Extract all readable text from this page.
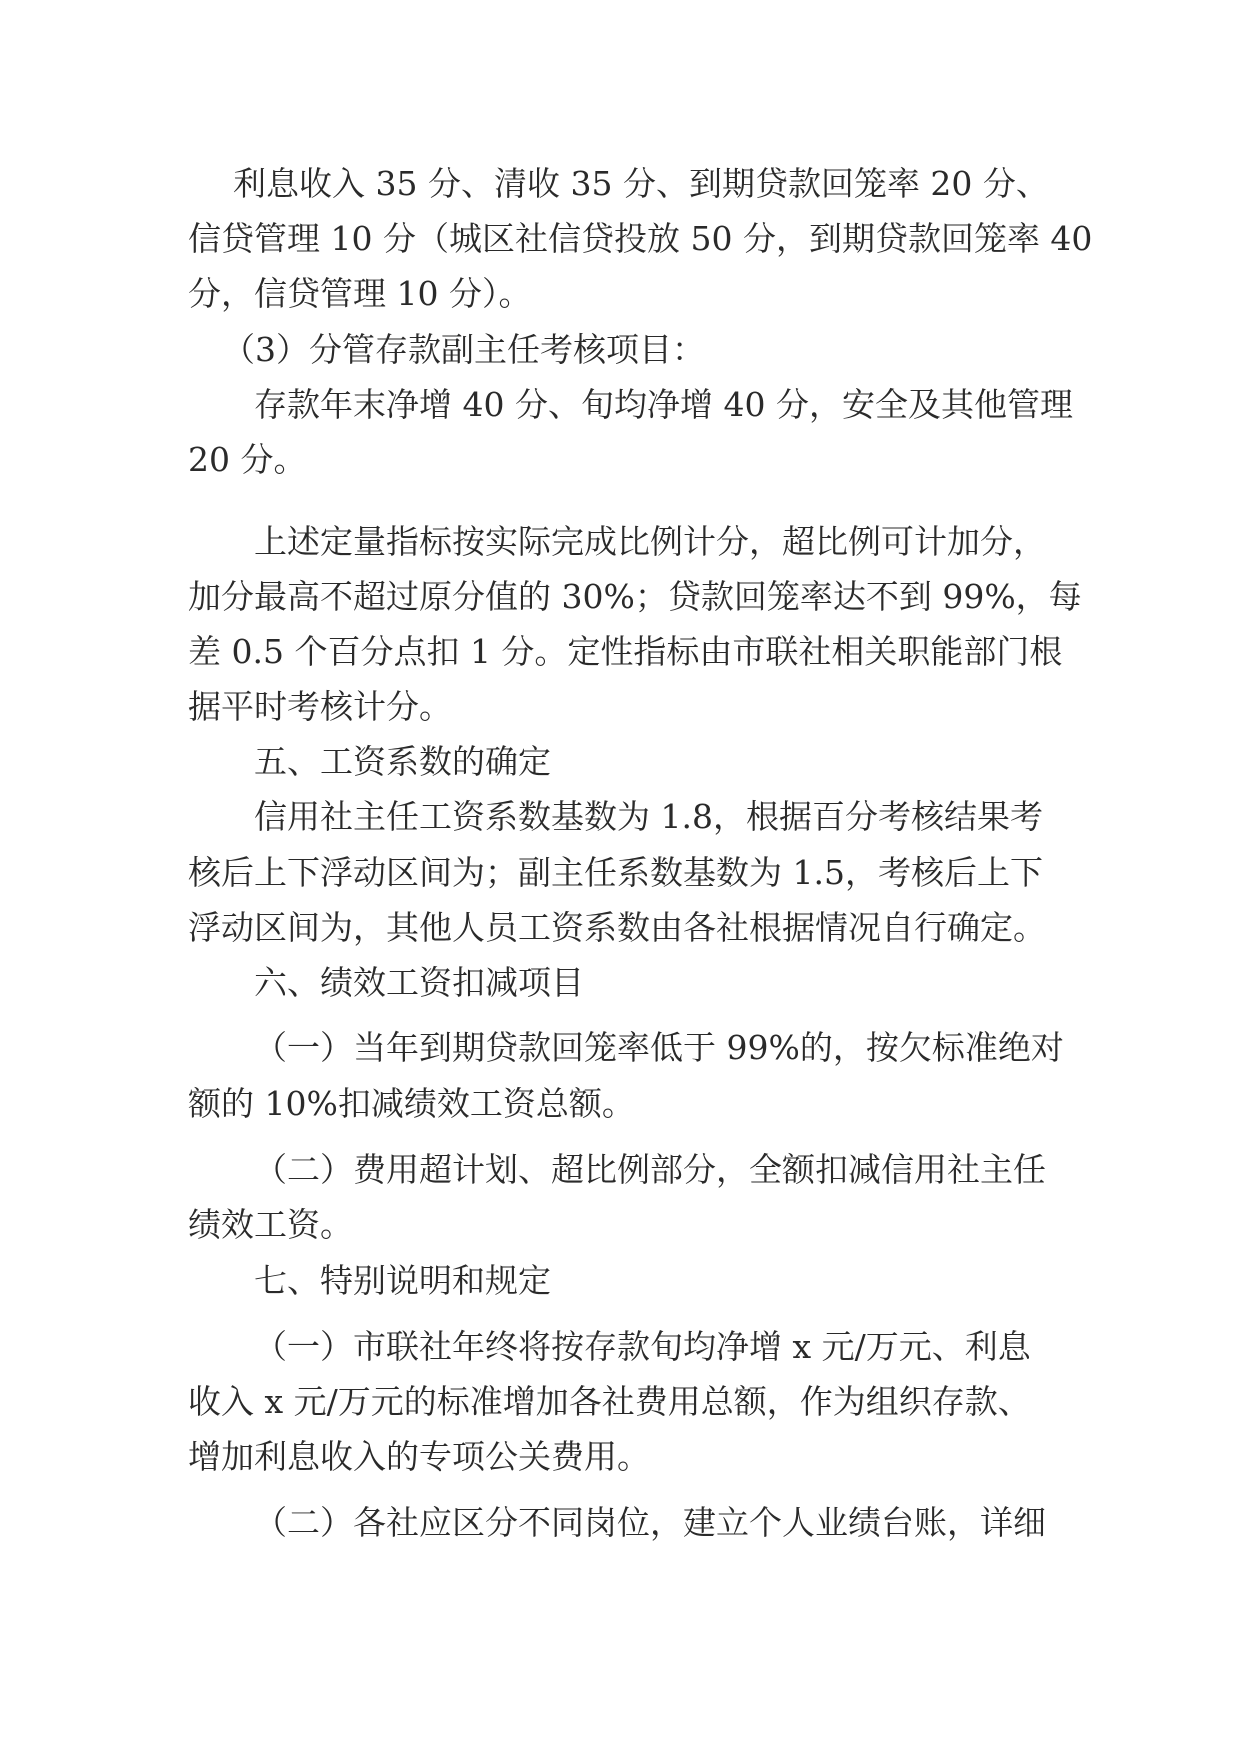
利息收入 35 分、清收 35 分、到期贷款回笼率 20 分、
信贷管理 10 分（城区社信贷投放 50 分，到期贷款回笼率 40
分，信贷管理 10 分）。
（3）分管存款副主任考核项目：
存款年末净增 40 分、旬均净增 40 分，安全及其他管理
20 分。
上述定量指标按实际完成比例计分，超比例可计加分，
加分最高不超过原分值的 30%；贷款回笼率达不到 99%，每
差 0.5 个百分点扣 1 分。定性指标由市联社相关职能部门根
据平时考核计分。
五、工资系数的确定
信用社主任工资系数基数为 1.8，根据百分考核结果考
核后上下浮动区间为；副主任系数基数为 1.5，考核后上下
浮动区间为，其他人员工资系数由各社根据情况自行确定。
六、绩效工资扣减项目
（一）当年到期贷款回笼率低于 99%的，按欠标准绝对
额的 10%扣减绩效工资总额。
（二）费用超计划、超比例部分，全额扣减信用社主任
绩效工资。
七、特别说明和规定
（一）市联社年终将按存款旬均净增 x 元/万元、利息
收入 x 元/万元的标准增加各社费用总额，作为组织存款、
增加利息收入的专项公关费用。
（二）各社应区分不同岗位，建立个人业绩台账，详细
